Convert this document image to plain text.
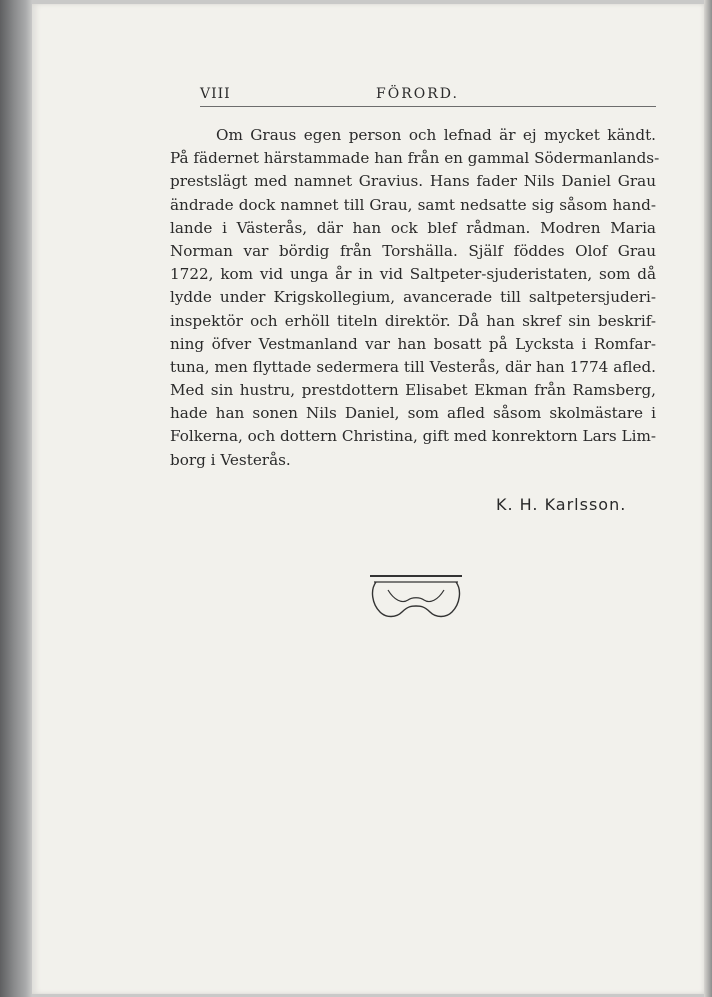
VIII	FÖRORD.
Om Graus egen person och lefnad är ej mycket kändt.
På fädernet härstammade han från en gammal Södermanlands-
prestslägt med namnet Gravius. Hans fader Nils Daniel Grau
ändrade dock namnet till Grau, samt nedsatte sig såsom hand-
lande i Västerås, där han ock blef rådman. Modren Maria
Norman var bördig från Torshälla. Själf föddes Olof Grau
1722, kom vid unga år in vid Saltpeter-sjuderistaten, som då
lydde under Krigskollegium, avancerade till saltpetersjuderi-
inspektör och erhöll titeln direktör. Då han skref sin beskrif-
ning öfver Vestmanland var han bosatt på Lycksta i Romfar-
tuna, men flyttade sedermera till Vesterås, där han 1774 afled.
Med sin hustru, prestdottern Elisabet Ekman från Ramsberg,
hade han sonen Nils Daniel, som afled såsom skolmästare i
Folkerna, och dottern Christina, gift med konrektorn Lars Lim-
borg i Vesterås.
K. H. Karlsson.
